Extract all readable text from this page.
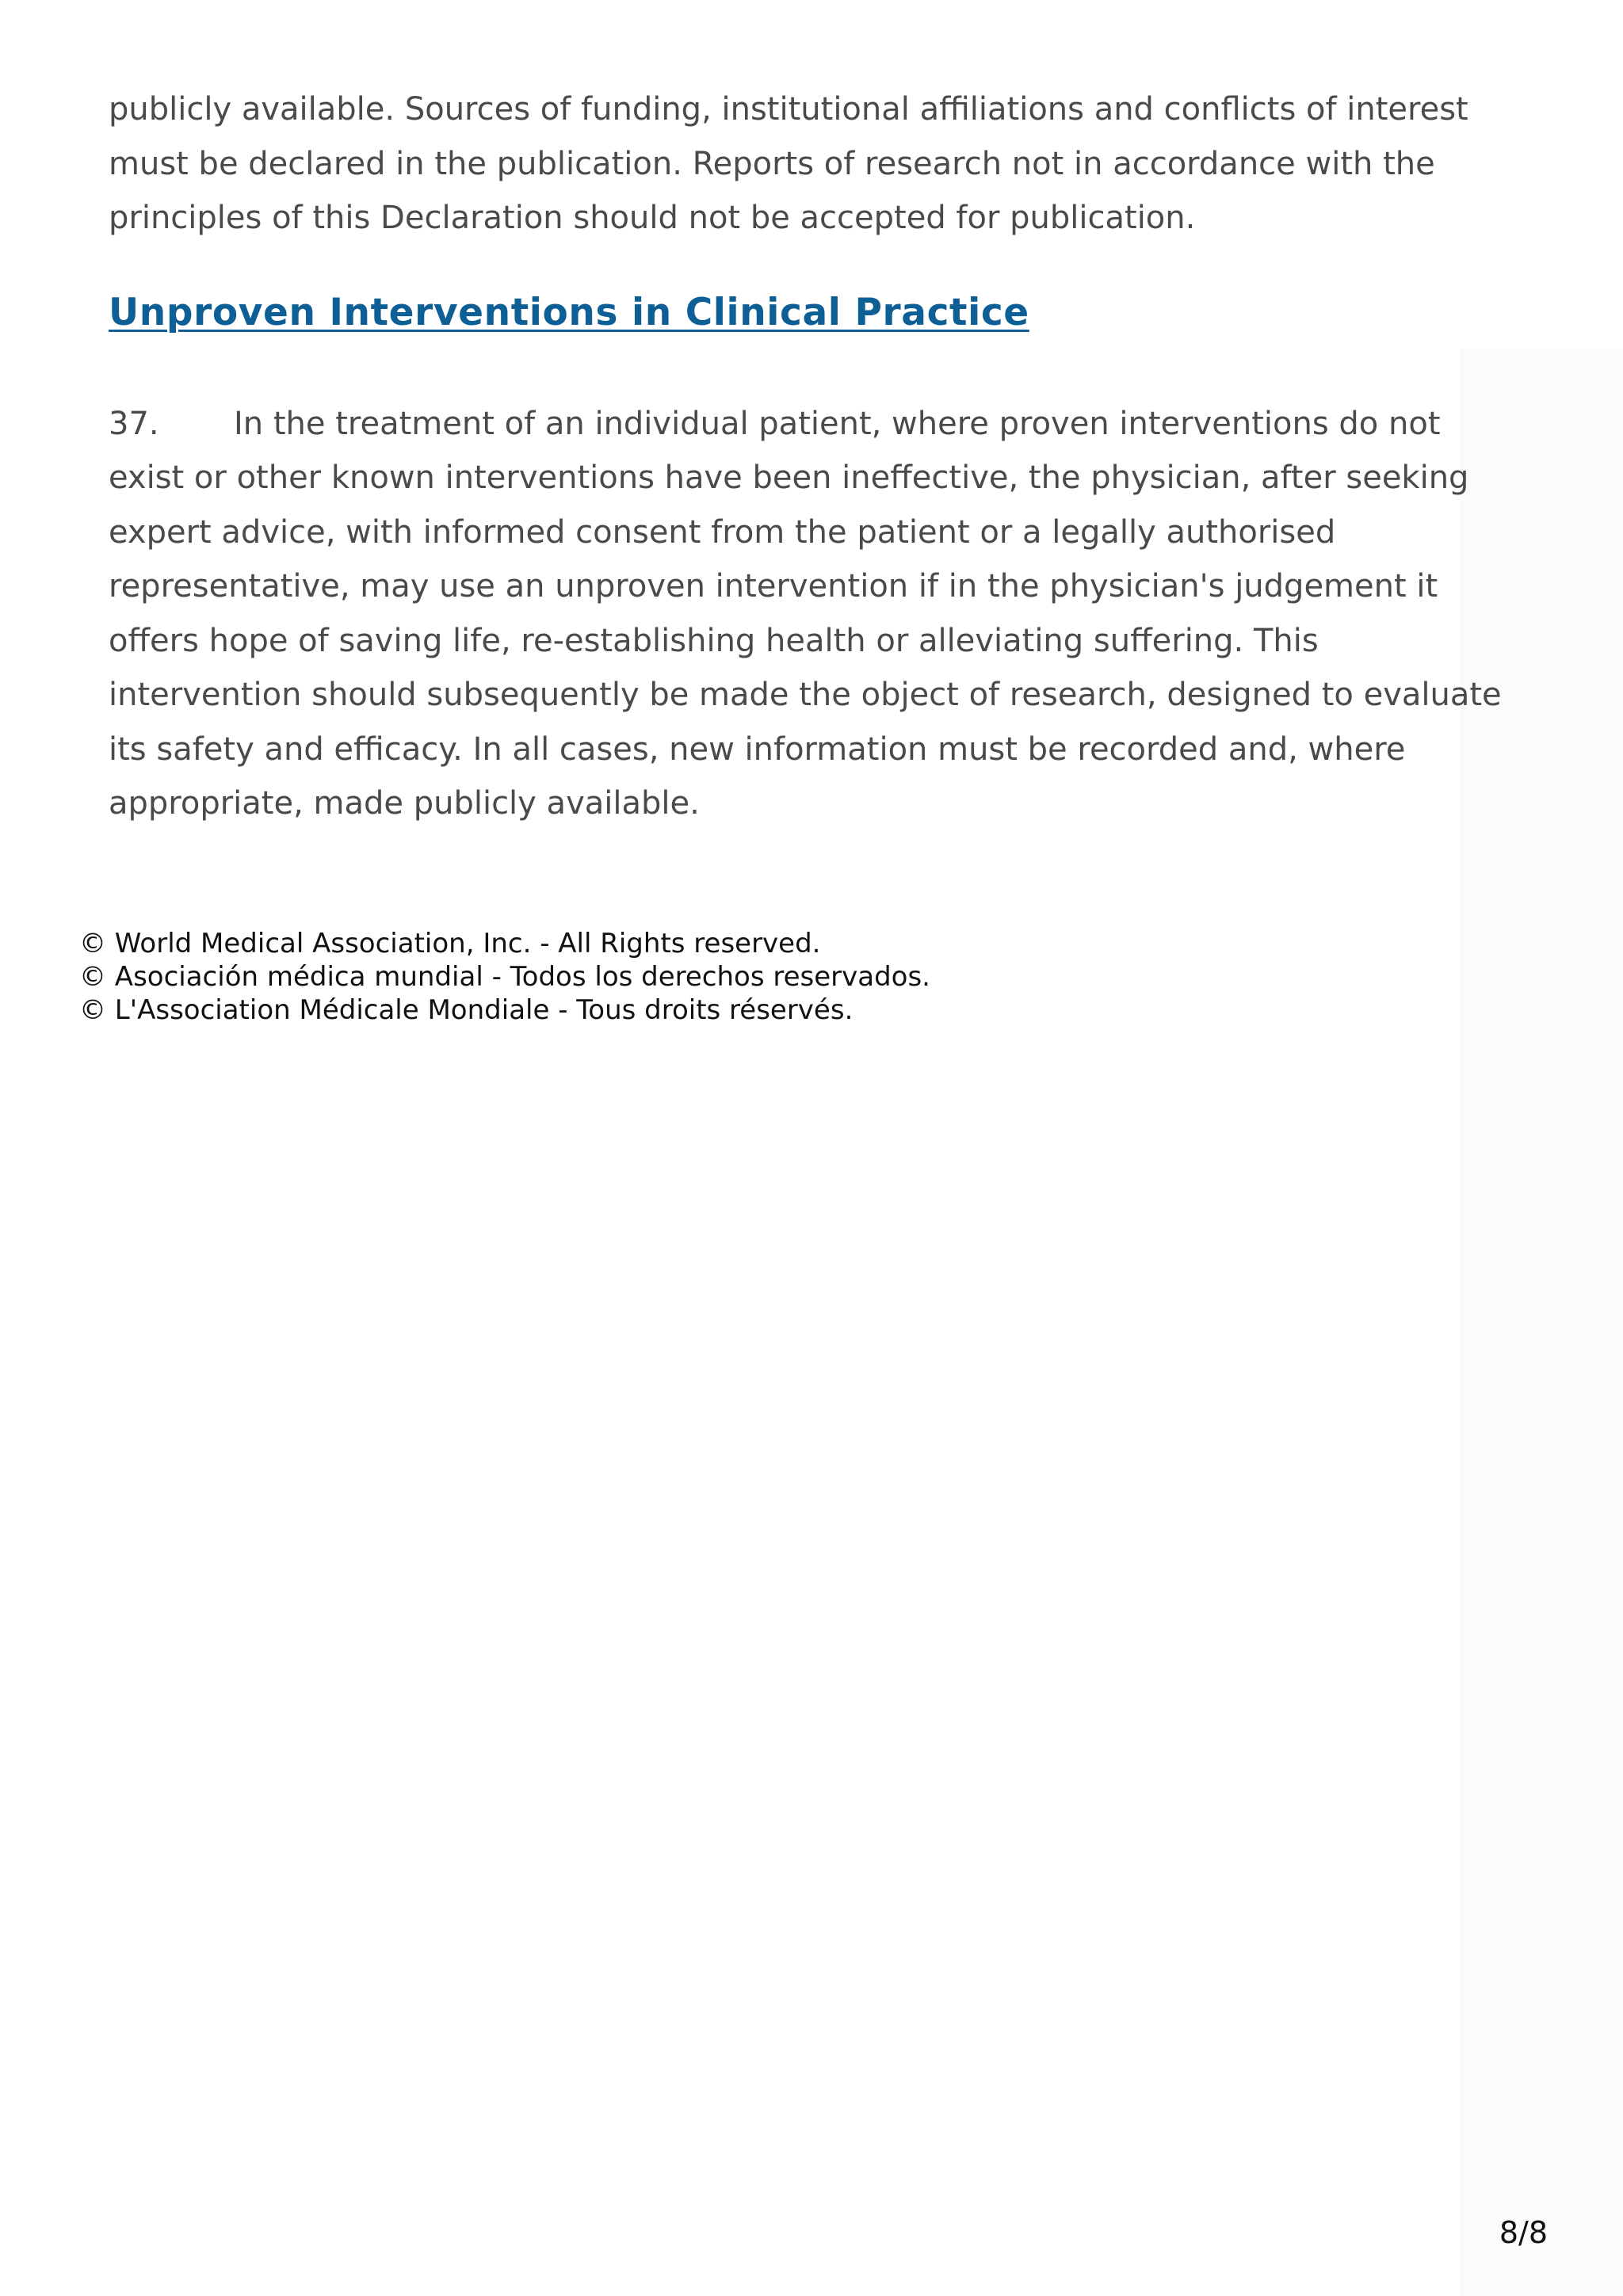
publicly available. Sources of funding, institutional affiliations and conflicts of interest must be declared in the publication. Reports of research not in accordance with the principles of this Declaration should not be accepted for publication.

Unproven Interventions in Clinical Practice

37. In the treatment of an individual patient, where proven interventions do not exist or other known interventions have been ineffective, the physician, after seeking expert advice, with informed consent from the patient or a legally authorised representative, may use an unproven intervention if in the physician's judgement it offers hope of saving life, re-establishing health or alleviating suffering. This intervention should subsequently be made the object of research, designed to evaluate its safety and efficacy. In all cases, new information must be recorded and, where appropriate, made publicly available.

© World Medical Association, Inc. - All Rights reserved.
© Asociación médica mundial - Todos los derechos reservados.
© L'Association Médicale Mondiale - Tous droits réservés.
8/8
